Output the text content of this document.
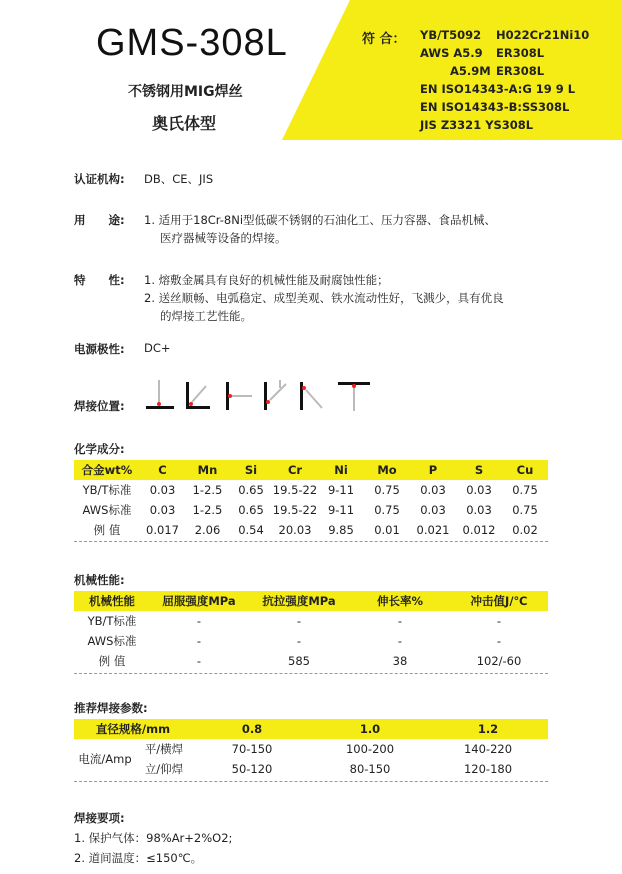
GMS-308L
不锈钢用MIG焊丝
奥氏体型
符 合： YB/T5092 H022Cr21Ni10
AWS A5.9 ER308L
A5.9M ER308L
EN ISO14343-A:G 19 9 L
EN ISO14343-B:SS308L
JIS Z3321 YS308L
认证机构: DB、CE、JIS
用　　途: 1. 适用于18Cr-8Ni型低碳不锈钢的石油化工、压力容器、食品机械、
医疗器械等设备的焊接。
特　　性: 1. 熔敷金属具有良好的机械性能及耐腐蚀性能；
2. 送丝顺畅、电弧稳定、成型美观、铁水流动性好，飞溅少，具有优良
的焊接工艺性能。
电源极性: DC+
焊接位置:
化学成分:
合金wt%	C	Mn	Si	Cr	Ni	Mo	P	S	Cu
YB/T标准	0.03	1-2.5	0.65	19.5-22	9-11	0.75	0.03	0.03	0.75
AWS标准	0.03	1-2.5	0.65	19.5-22	9-11	0.75	0.03	0.03	0.75
例 值	0.017	2.06	0.54	20.03	9.85	0.01	0.021	0.012	0.02
机械性能:
机械性能	屈服强度MPa	抗拉强度MPa	伸长率%	冲击值J/℃
YB/T标准	-	-	-	-
AWS标准	-	-	-	-
例 值	-	585	38	102/-60
推荐焊接参数:
直径规格/mm		0.8	1.0	1.2
电流/Amp	平/横焊	70-150	100-200	140-220
	立/仰焊	50-120	80-150	120-180
焊接要项:
1. 保护气体：98%Ar+2%O2;
2. 道间温度：≤150℃。
